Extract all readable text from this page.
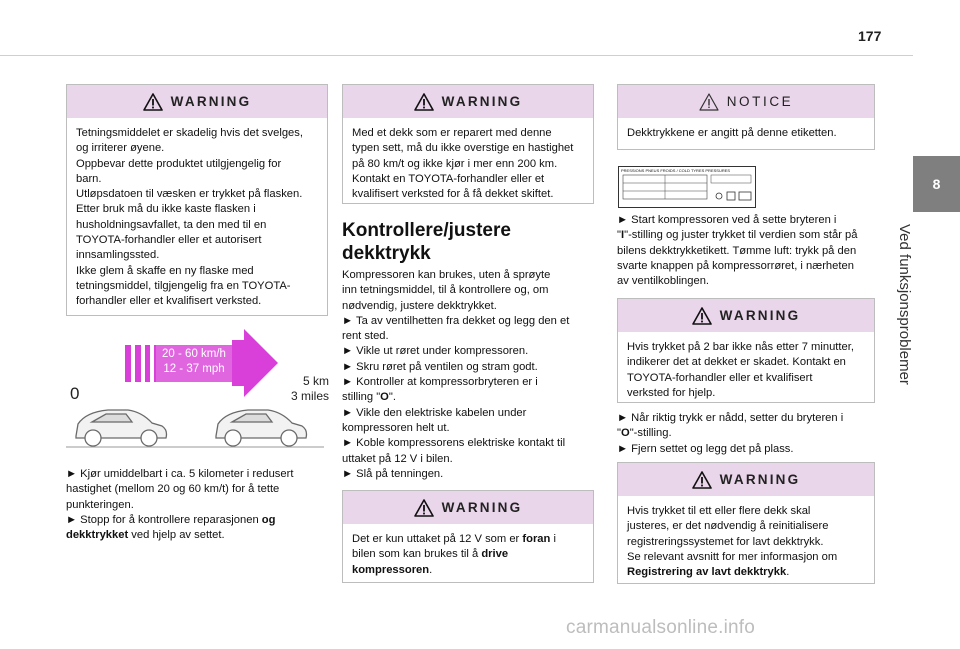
177
8
Ved funksjonsproblemer
WARNING
Tetningsmiddelet er skadelig hvis det svelges,
og irriterer øyene.
Oppbevar dette produktet utilgjengelig for
barn.
Utløpsdatoen til væsken er trykket på flasken.
Etter bruk må du ikke kaste flasken i
husholdningsavfallet, ta den med til en
TOYOTA-forhandler eller et autorisert
innsamlingssted.
Ikke glem å skaffe en ny flaske med
tetningsmiddel, tilgjengelig fra en TOYOTA-
forhandler eller et kvalifisert verksted.
20 - 60 km/h
12 - 37 mph
0
5 km
3 miles
► Kjør umiddelbart i ca. 5 kilometer i redusert
hastighet (mellom 20 og 60 km/t) for å tette
punkteringen.
► Stopp for å kontrollere reparasjonen og
dekktrykket ved hjelp av settet.
WARNING
Med et dekk som er reparert med denne
typen sett, må du ikke overstige en hastighet
på 80 km/t og ikke kjør i mer enn 200 km.
Kontakt en TOYOTA-forhandler eller et
kvalifisert verksted for å få dekket skiftet.
Kontrollere/justere
dekktrykk
Kompressoren kan brukes, uten å sprøyte
inn tetningsmiddel, til å kontrollere og, om
nødvendig, justere dekktrykket.
► Ta av ventilhetten fra dekket og legg den et
rent sted.
► Vikle ut røret under kompressoren.
► Skru røret på ventilen og stram godt.
► Kontroller at kompressorbryteren er i
stilling "O".
► Vikle den elektriske kabelen under
kompressoren helt ut.
► Koble kompressorens elektriske kontakt til
uttaket på 12 V i bilen.
► Slå på tenningen.
WARNING
Det er kun uttaket på 12 V som er foran i
bilen som kan brukes til å drive
kompressoren.
NOTICE
Dekktrykkene er angitt på denne etiketten.
PRESSIONS PNEUS FROIDS / COLD TYRES PRESSURES
► Start kompressoren ved å sette bryteren i
"I"-stilling og juster trykket til verdien som står på
bilens dekktrykketikett. Tømme luft: trykk på den
svarte knappen på kompressorrøret, i nærheten
av ventilkoblingen.
WARNING
Hvis trykket på 2 bar ikke nås etter 7 minutter,
indikerer det at dekket er skadet. Kontakt en
TOYOTA-forhandler eller et kvalifisert
verksted for hjelp.
► Når riktig trykk er nådd, setter du bryteren i
"O"-stilling.
► Fjern settet og legg det på plass.
WARNING
Hvis trykket til ett eller flere dekk skal
justeres, er det nødvendig å reinitialisere
registreringssystemet for lavt dekktrykk.
Se relevant avsnitt for mer informasjon om
Registrering av lavt dekktrykk.
carmanualsonline.info
